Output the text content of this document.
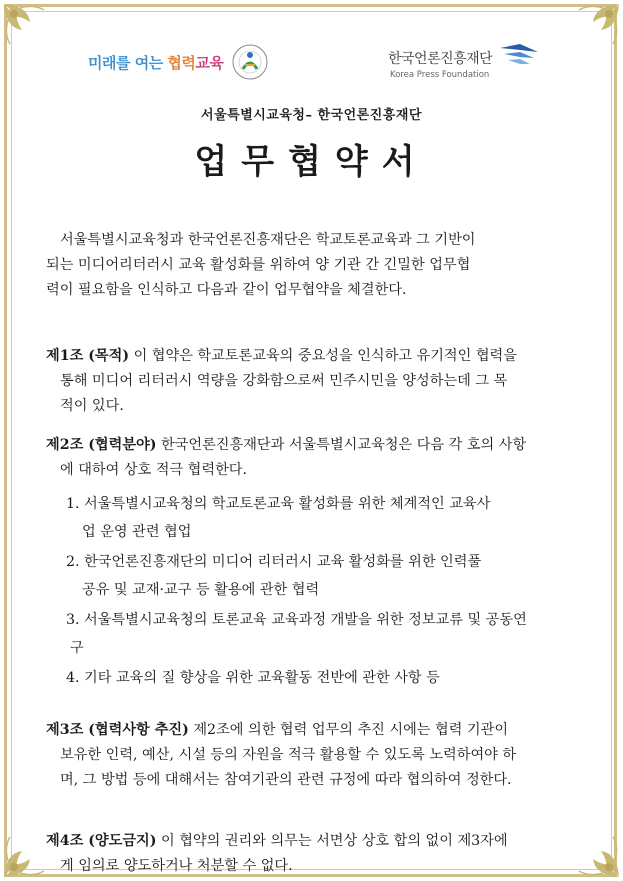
미래를 여는 협력교육	한국언론진흥재단
Korea Press Foundation
서울특별시교육청– 한국언론진흥재단
업무협약서
서울특별시교육청과 한국언론진흥재단은 학교토론교육과 그 기반이
되는 미디어리터러시 교육 활성화를 위하여 양 기관 간 긴밀한 업무협
력이 필요함을 인식하고 다음과 같이 업무협약을 체결한다.
제1조 (목적) 이 협약은 학교토론교육의 중요성을 인식하고 유기적인 협력을
통해 미디어 리터러시 역량을 강화함으로써 민주시민을 양성하는데 그 목
적이 있다.
제2조 (협력분야) 한국언론진흥재단과 서울특별시교육청은 다음 각 호의 사항
에 대하여 상호 적극 협력한다.
1. 서울특별시교육청의 학교토론교육 활성화를 위한 체계적인 교육사
업 운영 관련 협업
2. 한국언론진흥재단의 미디어 리터러시 교육 활성화를 위한 인력풀
공유 및 교재·교구 등 활용에 관한 협력
3. 서울특별시교육청의 토론교육 교육과정 개발을 위한 정보교류 및 공동연
구
4. 기타 교육의 질 향상을 위한 교육활동 전반에 관한 사항 등
제3조 (협력사항 추진) 제2조에 의한 협력 업무의 추진 시에는 협력 기관이
보유한 인력, 예산, 시설 등의 자원을 적극 활용할 수 있도록 노력하여야 하
며, 그 방법 등에 대해서는 참여기관의 관련 규정에 따라 협의하여 정한다.
제4조 (양도금지) 이 협약의 권리와 의무는 서면상 상호 합의 없이 제3자에
게 임의로 양도하거나 처분할 수 없다.
